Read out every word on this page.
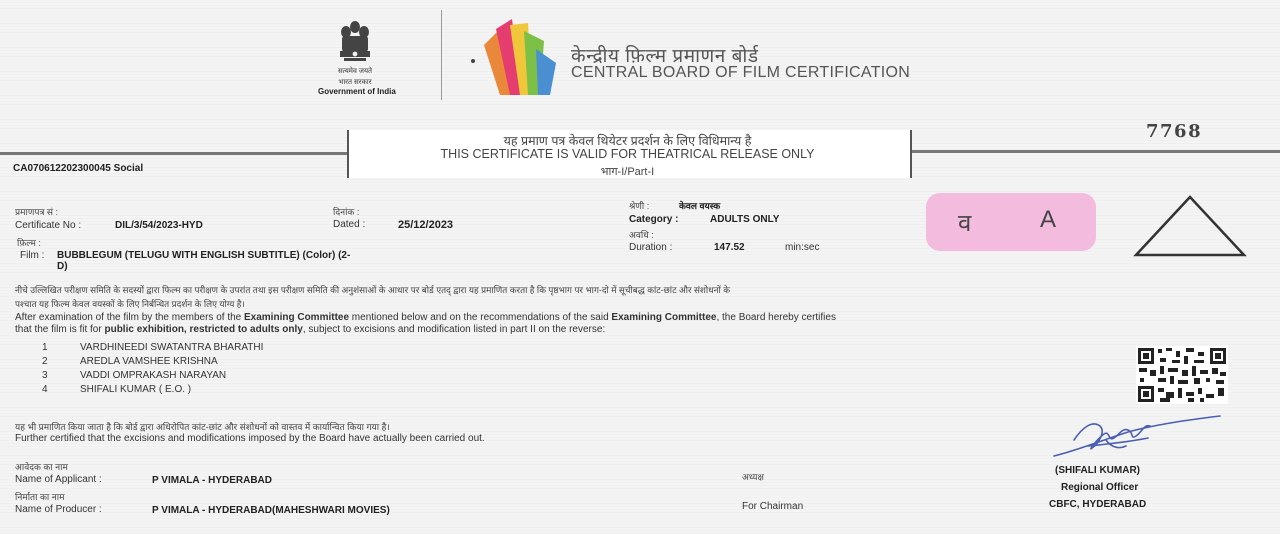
सत्यमेव जयते
भारत सरकार
Government of India
केन्द्रीय फ़िल्म प्रमाणन बोर्ड
CENTRAL BOARD OF FILM CERTIFICATION
यह प्रमाण पत्र केवल थियेटर प्रदर्शन के लिए विधिमान्य है
THIS CERTIFICATE IS VALID FOR THEATRICAL RELEASE ONLY
भाग-I/Part-I
7768
CA070612202300045 Social
प्रमाणपत्र सं :
Certificate No :	DIL/3/54/2023-HYD
दिनांक :
Dated :	25/12/2023
फ़िल्म :
Film : BUBBLEGUM (TELUGU WITH ENGLISH SUBTITLE) (Color) (2-
D)
श्रेणी :	केवल वयस्क
Category :	ADULTS ONLY
अवधि :
Duration :	147.52	min:sec
व	A
नीचे उल्लिखित परीक्षण समिति के सदस्यों द्वारा फिल्म का परीक्षण के उपरांत तथा इस परीक्षण समिति की अनुशंसाओं के आधार पर बोर्ड एतद् द्वारा यह प्रमाणित करता है कि पृष्ठभाग पर भाग-दो में सूचीबद्ध कांट-छांट और संशोधनों के
पश्चात यह फिल्म केवल वयस्कों के लिए निर्बन्धित प्रदर्शन के लिए योग्य है।
After examination of the film by the members of the Examining Committee mentioned below and on the recommendations of the said Examining Committee, the Board hereby certifies
that the film is fit for public exhibition, restricted to adults only, subject to excisions and modification listed in part II on the reverse:
1	VARDHINEEDI SWATANTRA BHARATHI
2	AREDLA VAMSHEE KRISHNA
3	VADDI OMPRAKASH NARAYAN
4	SHIFALI KUMAR ( E.O. )
यह भी प्रमाणित किया जाता है कि बोर्ड द्वारा अधिरोपित कांट-छांट और संशोधनों को वास्तव में कार्यान्वित किया गया है।
Further certified that the excisions and modifications imposed by the Board have actually been carried out.
आवेदक का नाम
Name of Applicant :	P VIMALA - HYDERABAD
निर्माता का नाम
Name of Producer :	P VIMALA - HYDERABAD(MAHESHWARI MOVIES)
अध्यक्ष
For Chairman
(SHIFALI KUMAR)
Regional Officer
CBFC, HYDERABAD
